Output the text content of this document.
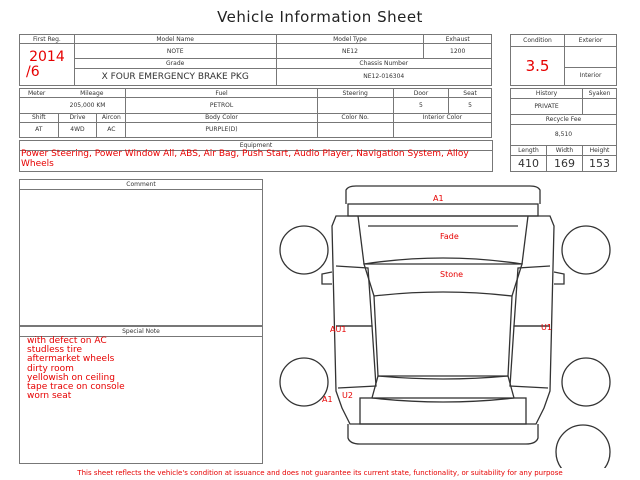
Vehicle Information Sheet
First Reg.	Model Name	Model Type	Exhaust

2014
/6	NOTE	NE12	1200
	Grade	Chassis Number	
	X FOUR EMERGENCY BRAKE PKG	NE12-016304	
Condition	Exterior
3.5	
	Interior
Meter Mileage			Fuel	Steering	Door	Seat
205,000 KM			PETROL		5	5
Shift	Drive	Aircon	Body Color	Color No.	Interior Color	
AT	4WD	AC	PURPLE(D)			
History		Syaken
PRIVATE		
Recycle Fee		
8,510		
Length	Width	Height
410	169	153
Equipment
Power Steering, Power Window All, ABS, Air Bag, Push Start, Audio Player, Navigation System, Alloy Wheels
Comment
Special Note
with defect on AC
studless tire
aftermarket wheels
dirty room
yellowish on ceiling
tape trace on console
worn seat
A1
Fade
Stone
AU1	U1
A1 U2
This sheet reflects the vehicle's condition at issuance and does not guarantee its current state, functionality, or suitability for any purpose
